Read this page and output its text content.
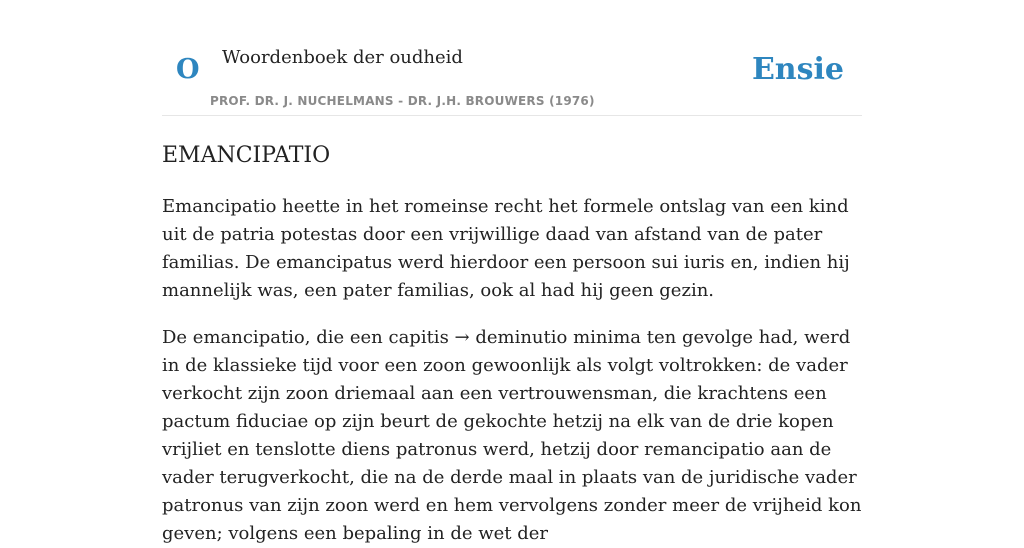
O Woordenboek der oudheid
PROF. DR. J. NUCHELMANS - DR. J.H. BROUWERS (1976)
Ensie
EMANCIPATIO

Emancipatio heette in het romeinse recht het formele ontslag van een kind uit de patria potestas door een vrijwillige daad van afstand van de pater familias. De emancipatus werd hierdoor een persoon sui iuris en, indien hij mannelijk was, een pater familias, ook al had hij geen gezin.

De emancipatio, die een capitis → deminutio minima ten gevolge had, werd in de klassieke tijd voor een zoon gewoonlijk als volgt voltrokken: de vader verkocht zijn zoon driemaal aan een vertrouwensman, die krachtens een pactum fiduciae op zijn beurt de gekochte hetzij na elk van de drie kopen vrijliet en tenslotte diens patronus werd, hetzij door remancipatio aan de vader terugverkocht, die na de derde maal in plaats van de juridische vader patronus van zijn zoon werd en hem vervolgens zonder meer de vrijheid kon geven; volgens een bepaling in de wet der
